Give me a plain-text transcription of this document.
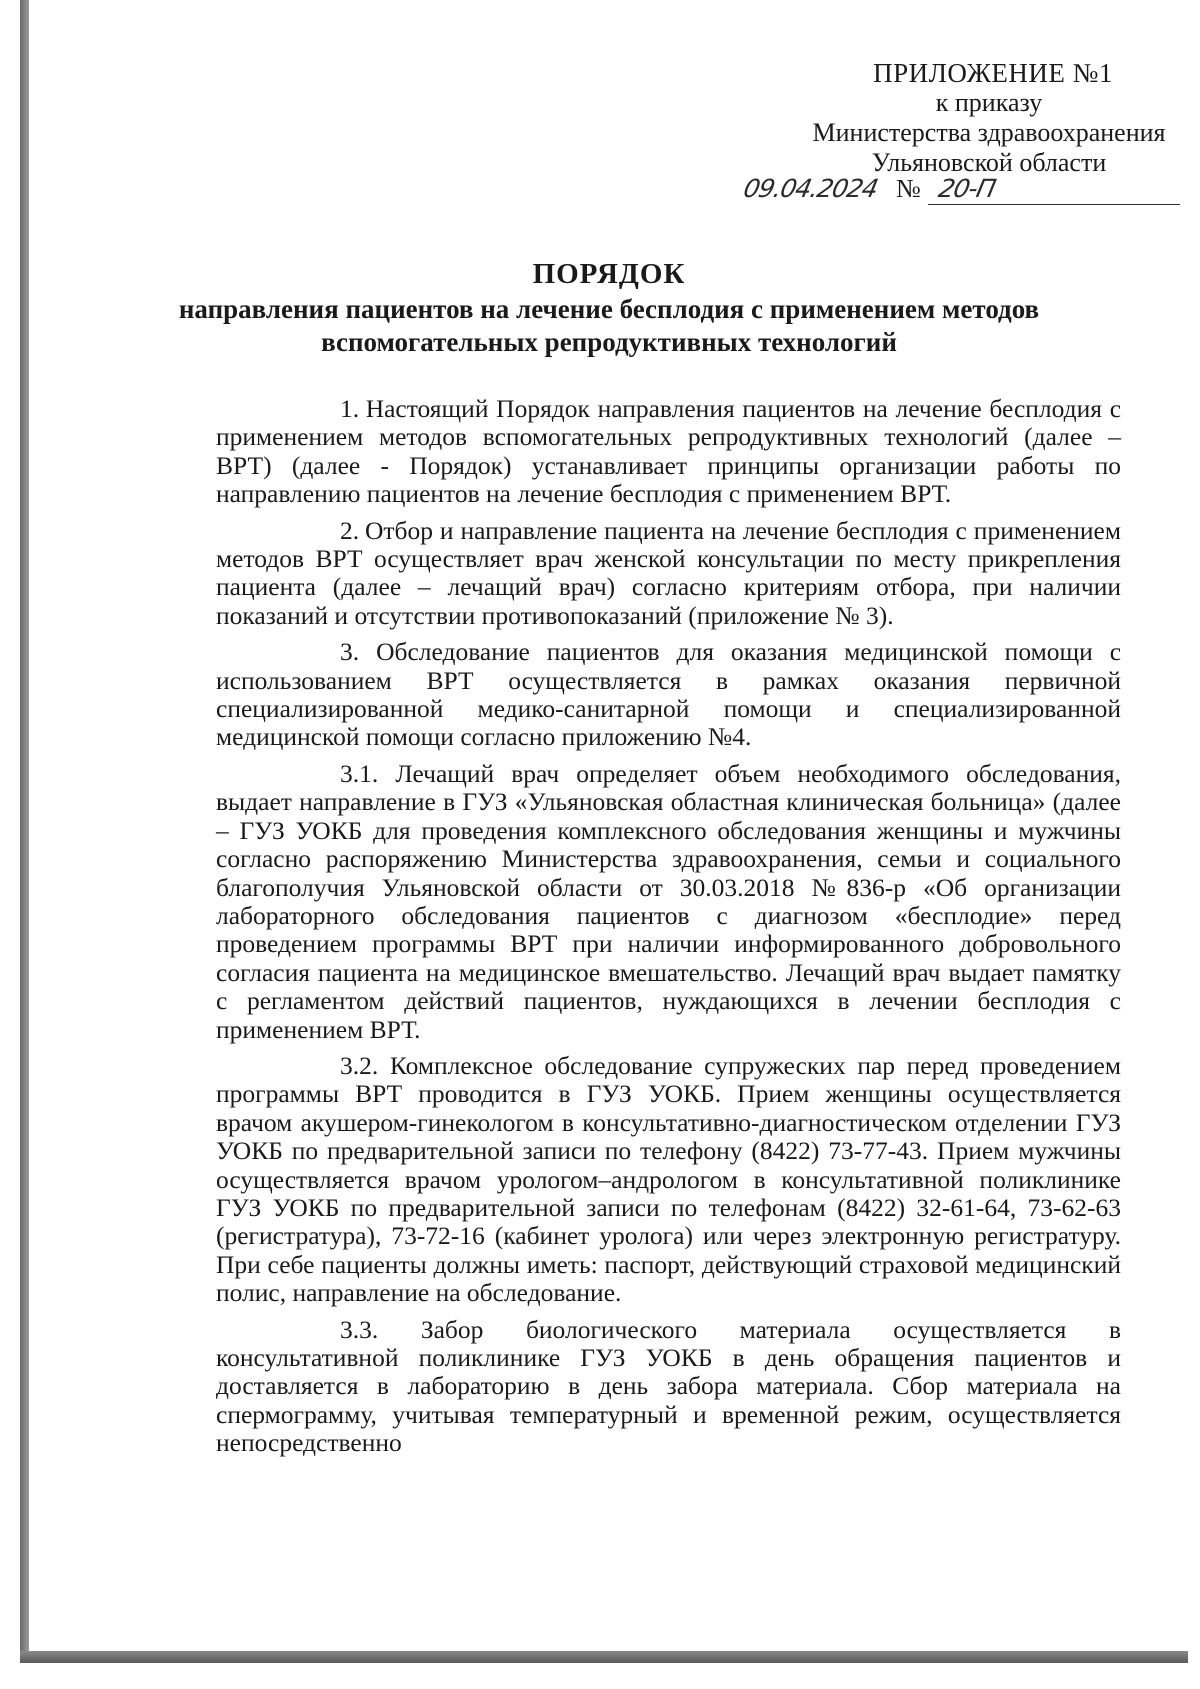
ПРИЛОЖЕНИЕ №1
к приказу
Министерства здравоохранения
Ульяновской области
09.04.2024 № 20-П
ПОРЯДОК
направления пациентов на лечение бесплодия с применением методов
вспомогательных репродуктивных технологий

1. Настоящий Порядок направления пациентов на лечение бесплодия с применением методов вспомогательных репродуктивных технологий (далее – ВРТ) (далее - Порядок) устанавливает принципы организации работы по направлению пациентов на лечение бесплодия с применением ВРТ.

2. Отбор и направление пациента на лечение бесплодия с применением методов ВРТ осуществляет врач женской консультации по месту прикрепления пациента (далее – лечащий врач) согласно критериям отбора, при наличии показаний и отсутствии противопоказаний (приложение № 3).

3. Обследование пациентов для оказания медицинской помощи с использованием ВРТ осуществляется в рамках оказания первичной специализированной медико-санитарной помощи и специализированной медицинской помощи согласно приложению №4.

3.1. Лечащий врач определяет объем необходимого обследования, выдает направление в ГУЗ «Ульяновская областная клиническая больница» (далее – ГУЗ УОКБ для проведения комплексного обследования женщины и мужчины согласно распоряжению Министерства здравоохранения, семьи и социального благополучия Ульяновской области от 30.03.2018 №836-р «Об организации лабораторного обследования пациентов с диагнозом «бесплодие» перед проведением программы ВРТ при наличии информированного добровольного согласия пациента на медицинское вмешательство. Лечащий врач выдает памятку с регламентом действий пациентов, нуждающихся в лечении бесплодия с применением ВРТ.

3.2. Комплексное обследование супружеских пар перед проведением программы ВРТ проводится в ГУЗ УОКБ. Прием женщины осуществляется врачом акушером-гинекологом в консультативно-диагностическом отделении ГУЗ УОКБ по предварительной записи по телефону (8422) 73-77-43. Прием мужчины осуществляется врачом урологом–андрологом в консультативной поликлинике ГУЗ УОКБ по предварительной записи по телефонам (8422) 32-61-64, 73-62-63 (регистратура), 73-72-16 (кабинет уролога) или через электронную регистратуру. При себе пациенты должны иметь: паспорт, действующий страховой медицинский полис, направление на обследование.

3.3. Забор биологического материала осуществляется в консультативной поликлинике ГУЗ УОКБ в день обращения пациентов и доставляется в лабораторию в день забора материала. Сбор материала на спермограмму, учитывая температурный и временной режим, осуществляется непосредственно
